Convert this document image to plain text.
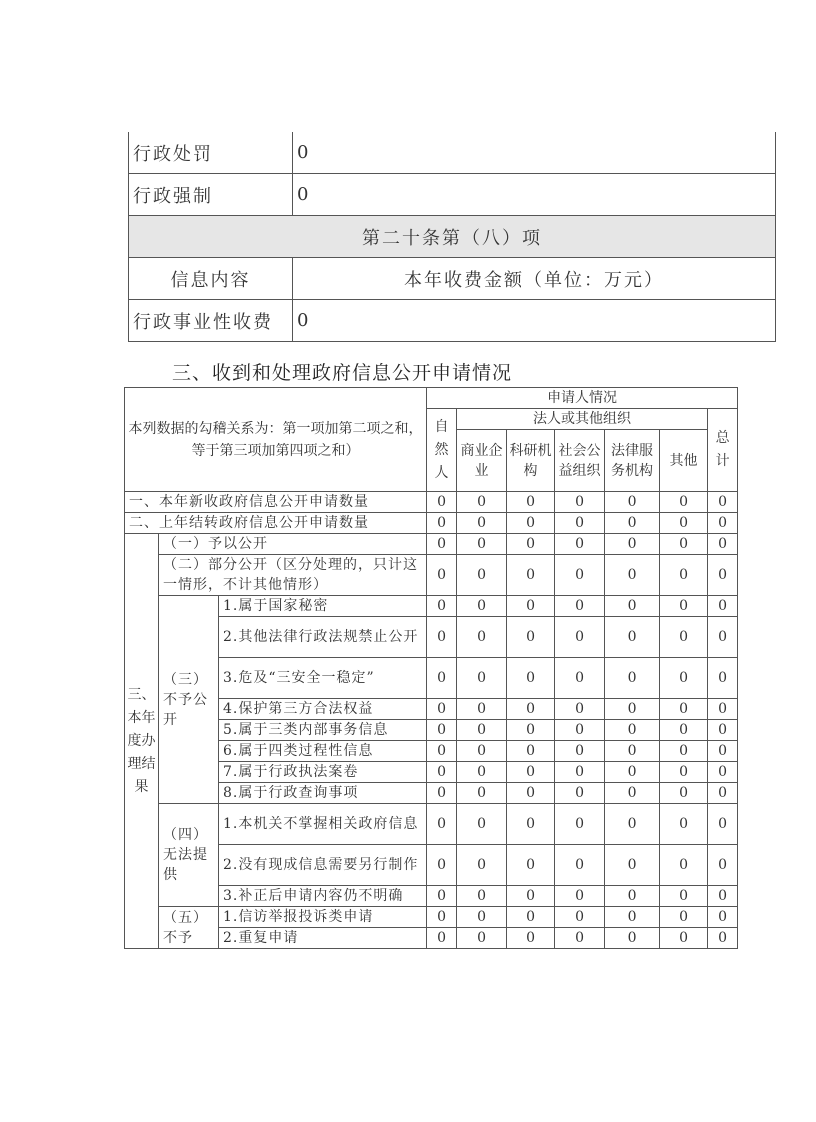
行政处罚	0
行政强制	0
第二十条第（八）项	
信息内容	本年收费金额（单位：万元）
行政事业性收费	0
三、收到和处理政府信息公开申请情况
本列数据的勾稽关系为：第一项加第二项之和，等于第三项加第四项之和）			申请人情况						
			自然人	法人或其他组织					总计
				商业企业	科研机构	社会公益组织	法律服务机构	其他	
一、本年新收政府信息公开申请数量			0	0	0	0	0	0	0
二、上年结转政府信息公开申请数量			0	0	0	0	0	0	0
三、本年度办理结果	（一）予以公开		0	0	0	0	0	0	0
	（二）部分公开（区分处理的，只计这一情形，不计其他情形）		0	0	0	0	0	0	0
	（三）不予公开	1.属于国家秘密	0	0	0	0	0	0	0
		2.其他法律行政法规禁止公开	0	0	0	0	0	0	0
		3.危及“三安全一稳定”	0	0	0	0	0	0	0
		4.保护第三方合法权益	0	0	0	0	0	0	0
		5.属于三类内部事务信息	0	0	0	0	0	0	0
		6.属于四类过程性信息	0	0	0	0	0	0	0
		7.属于行政执法案卷	0	0	0	0	0	0	0
		8.属于行政查询事项	0	0	0	0	0	0	0
	（四）无法提供	1.本机关不掌握相关政府信息	0	0	0	0	0	0	0
		2.没有现成信息需要另行制作	0	0	0	0	0	0	0
		3.补正后申请内容仍不明确	0	0	0	0	0	0	0
	（五）不予	1.信访举报投诉类申请	0	0	0	0	0	0	0
		2.重复申请	0	0	0	0	0	0	0
